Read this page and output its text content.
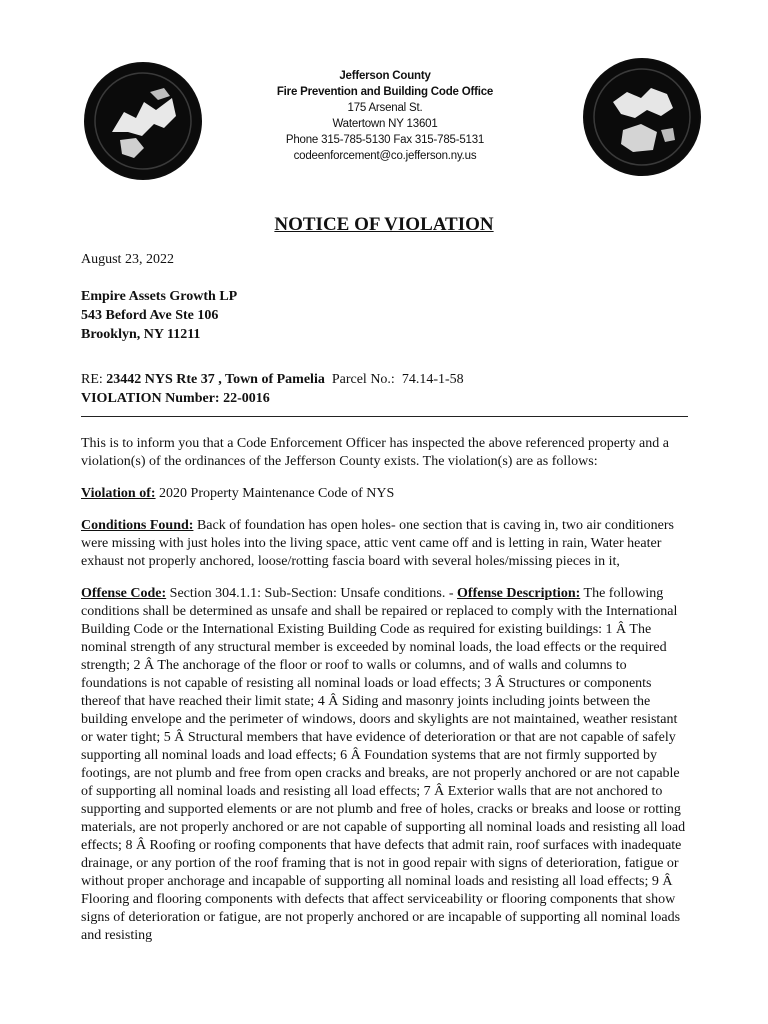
Jefferson County
Fire Prevention and Building Code Office
175 Arsenal St.
Watertown NY 13601
Phone 315-785-5130 Fax 315-785-5131
codeenforcement@co.jefferson.ny.us
NOTICE OF VIOLATION
August 23, 2022
Empire Assets Growth LP
543 Beford Ave Ste 106
Brooklyn, NY 11211
RE: 23442 NYS Rte 37 , Town of Pamelia Parcel No.:  74.14-1-58
VIOLATION Number: 22-0016

This is to inform you that a Code Enforcement Officer has inspected the above referenced property and a violation(s) of the ordinances of the Jefferson County exists. The violation(s) are as follows:

Violation of: 2020 Property Maintenance Code of NYS

Conditions Found: Back of foundation has open holes- one section that is caving in, two air conditioners were missing with just holes into the living space, attic vent came off and is letting in rain, Water heater exhaust not properly anchored, loose/rotting fascia board with several holes/missing pieces in it,

Offense Code: Section 304.1.1: Sub-Section: Unsafe conditions. - Offense Description: The following conditions shall be determined as unsafe and shall be repaired or replaced to comply with the International Building Code or the International Existing Building Code as required for existing buildings: 1 Â The nominal strength of any structural member is exceeded by nominal loads, the load effects or the required strength; 2 Â The anchorage of the floor or roof to walls or columns, and of walls and columns to foundations is not capable of resisting all nominal loads or load effects; 3 Â Structures or components thereof that have reached their limit state; 4 Â Siding and masonry joints including joints between the building envelope and the perimeter of windows, doors and skylights are not maintained, weather resistant or water tight; 5 Â Structural members that have evidence of deterioration or that are not capable of safely supporting all nominal loads and load effects; 6 Â Foundation systems that are not firmly supported by footings, are not plumb and free from open cracks and breaks, are not properly anchored or are not capable of supporting all nominal loads and resisting all load effects; 7 Â Exterior walls that are not anchored to supporting and supported elements or are not plumb and free of holes, cracks or breaks and loose or rotting materials, are not properly anchored or are not capable of supporting all nominal loads and resisting all load effects; 8 Â Roofing or roofing components that have defects that admit rain, roof surfaces with inadequate drainage, or any portion of the roof framing that is not in good repair with signs of deterioration, fatigue or without proper anchorage and incapable of supporting all nominal loads and resisting all load effects; 9 Â Flooring and flooring components with defects that affect serviceability or flooring components that show signs of deterioration or fatigue, are not properly anchored or are incapable of supporting all nominal loads and resisting
